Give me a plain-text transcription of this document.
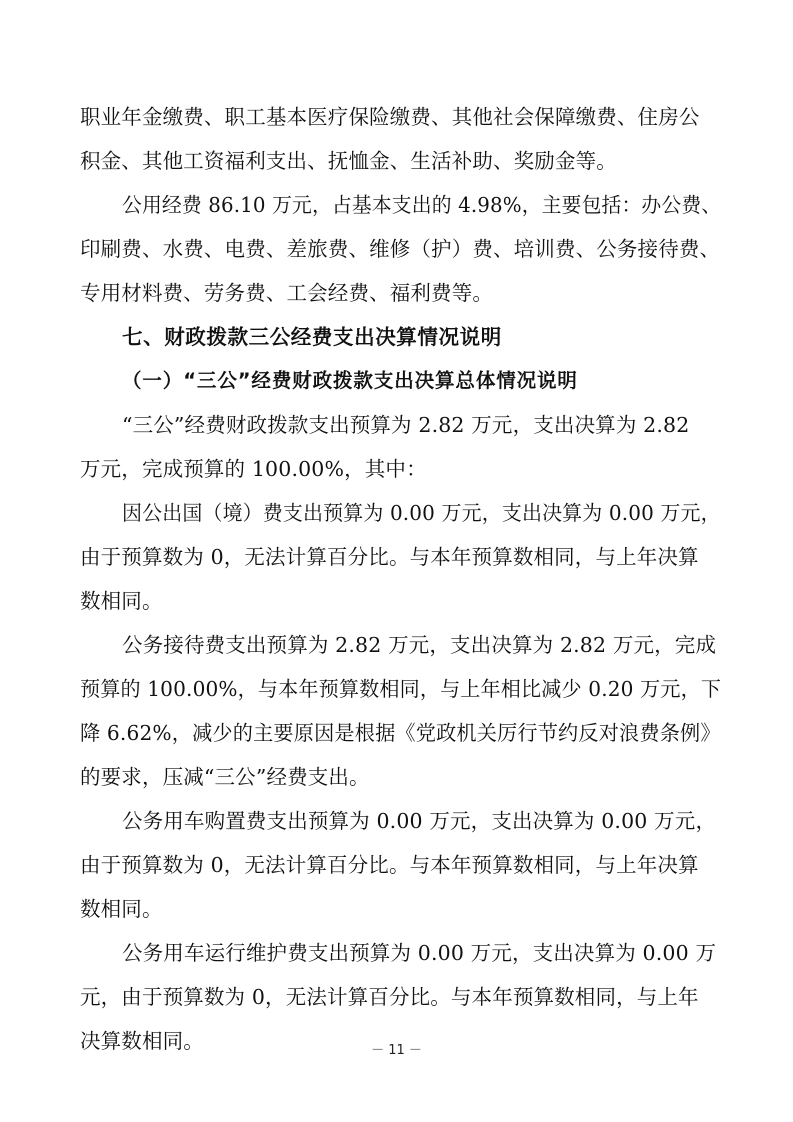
职业年金缴费、职工基本医疗保险缴费、其他社会保障缴费、住房公
积金、其他工资福利支出、抚恤金、生活补助、奖励金等。
公用经费 86.10 万元，占基本支出的 4.98%，主要包括：办公费、
印刷费、水费、电费、差旅费、维修（护）费、培训费、公务接待费、
专用材料费、劳务费、工会经费、福利费等。
七、财政拨款三公经费支出决算情况说明
（一）“三公”经费财政拨款支出决算总体情况说明
“三公”经费财政拨款支出预算为 2.82 万元，支出决算为 2.82
万元，完成预算的 100.00%，其中：
因公出国（境）费支出预算为 0.00 万元，支出决算为 0.00 万元，
由于预算数为 0，无法计算百分比。与本年预算数相同，与上年决算
数相同。
公务接待费支出预算为 2.82 万元，支出决算为 2.82 万元，完成
预算的 100.00%，与本年预算数相同，与上年相比减少 0.20 万元，下
降 6.62%，减少的主要原因是根据《党政机关厉行节约反对浪费条例》
的要求，压减“三公”经费支出。
公务用车购置费支出预算为 0.00 万元，支出决算为 0.00 万元，
由于预算数为 0，无法计算百分比。与本年预算数相同，与上年决算
数相同。
公务用车运行维护费支出预算为 0.00 万元，支出决算为 0.00 万
元，由于预算数为 0，无法计算百分比。与本年预算数相同，与上年
决算数相同。	－ 11 －
